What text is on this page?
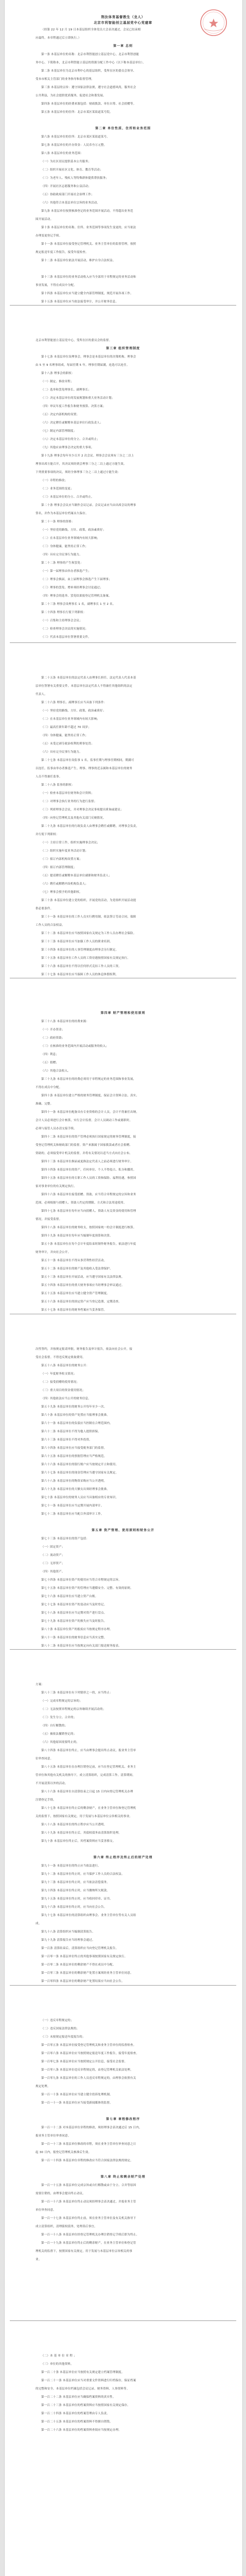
荆汝体育基督教生（龙人）
北京市利智能创立基层党中心党建章
（经第 22 年 12 月 19 日本基层组织全体党员大会表决通过，会议已结束相
应最终，本章程通过后立即执行。）
第一章 总则
第一条 本基层单位的名称：北京市利智能创立基层党中心，北京市利智创能
务中心，下简称本，北京市利智能立基层的资源分配工作中心（以下称本基层单位）。
第二条 本基层单位为北京市利中心的基层组织，受所在区的委员会领导、
受本市相关主管部门的业务指导和监督管理。
第三条 本基层的宗旨：遵守国家法律法规，遵守社会道德风尚，服务社会
公共利益，为社会提供优质服务，促进社会和谐发展。
第四条 本基层单位的经费来源包括：财政拨款、单位自筹、社会捐赠等。
第五条 本基层单位的住所：北京市某区某街道某号院。
第二章 单位性质、住所和业务范围
第六条 本基层单位的住所：北京市某区某街道某号。
第七条 本基层单位的开办资金：人民币叁万元整。
第八条 本基层单位的业务范围：
（一）为社区居民提供基本公共服务；
（二）组织开展社区文化、体育、教育等活动；
（三）为老年人、残疾人等特殊群体提供帮扶服务；
（四）开展社区志愿服务和公益活动；
（五）协助政府部门开展社会治理工作；
（六）其他符合本基层单位宗旨的业务活动。
第九条 本基层单位按照核准登记的业务范围开展活动，不得超出业务范
围开展活动。
第十条 本基层单位的名称、住所、业务范围等事项发生变更的，应当依法
办理变更登记手续。
第十一条 本基层单位接受登记管理机关、业务主管单位的监督管理，按照
规定报送年度工作报告，接受年度检查。
第十二条 本基层单位依法开展活动，维护自身合法权益。
第十三条 本基层单位的业务活动收入应当全部用于章程规定的业务活动和
事业发展，不得在成员中分配。
第十四条 本基层单位应当建立健全内部管理制度，规范开展各项工作。
第十五条 本基层单位应当依法接受审计，并公开财务信息。
北京市利智能创立基层党中心，受所在区的委员会的监督。
第三章 组织管理制度
第十七条 本基层单位设理事会，理事会是本基层单位的决策机构。理事会
由 5 至 9 名理事组成，每届任期 5 年。理事任期届满，连选可以连任。
第十八条 理事会的职权：
（一）制定、修改章程；
（二）选举和罢免理事长、副理事长；
（三）决定本基层单位的发展规划和重大业务活动计划；
（四）审议年度工作报告和财务预算、决算方案；
（五）决定内部机构的设置；
（六）决定聘任或解聘本基层单位行政负责人；
（七）制定内部管理制度；
（八）决定本基层单位的分立、合并或终止；
（九）其他应由理事会决定的重大事项。
第十九条 理事会每年至少召开 2 次会议。理事会会议须有三分之二以上
理事出席方能召开，其决议须经到会理事三分之二以上通过方能生效。
下列重要事项的决议，须经全体理事三分之二以上通过方能生效：
（一）章程的修改；
（二）业务范围的变更；
（三）本基层单位的分立、合并或终止。
第二十条 理事会会议应当制作会议记录。会议记录应当由出席会议的理事
签名，并作为本基层单位档案永久保存。
第二十一条 理事的资格：
（一）坚持党的路线、方针、政策，政治素质好；
（二）在本基层单位业务领域内有较大影响；
（三）身体健康，能坚持正常工作；
（四）具有完全民事行为能力。
第二十二条 理事的产生和罢免：
（一）第一届理事由举办者推选产生；
（二）理事会换届，由上届理事会推选产生下届理事；
（三）理事的罢免、增补须经理事会讨论通过；
（四）理事会的选举、罢免结果报登记管理机关备案。
第二十三条 理事会设理事长 1 名，副理事长 1 至 2 名。
第二十四条 理事长行使下列职权：
（一）召集和主持理事会会议；
（二）检查理事会决议的实施情况；
（三）代表本基层单位签署重要文件。
第二十五条 本基层单位的法定代表人由理事长担任。法定代表人代表本基
层单位签署有关重要文件。本基层单位法定代表人不得兼任其他组织的法定
代表人。
第二十六条 理事长、副理事长应当具备下列条件：
（一）坚持党的路线、方针、政策，政治素质好；
（二）在本基层单位业务领域内有较大影响；
（三）最高任职年龄不超过 70 周岁；
（四）身体健康，能坚持正常工作；
（五）未受过剥夺政治权利的刑事处罚；
（六）具有完全民事行为能力。
第二十七条 本基层单位设监事 1 名，监事任期与理事任期相同，期满可
以连任。监事由举办者推选产生。理事、理事的近亲属和本基层单位的财务
人员不得兼任监事。
第二十八条 监事的职权：
（一）检查本基层单位财务和会计资料；
（二）对理事会执行业务的行为进行监督；
（三）列席理事会会议，并对理事会决议事项提出质询或建议；
（四）向登记管理机关及其他有关部门反映情况。
第二十九条 本基层单位的行政负责人由理事会聘任或解聘，对理事会负责，
并行使下列职权：
（一）主持日常工作，组织实施理事会决议；
（二）组织实施年度业务活动计划；
（三）拟订内部机构设置方案；
（四）拟订内部管理制度；
（五）提请聘任或解聘本基层单位副职和财务负责人；
（六）聘任或解聘内设机构负责人；
（七）理事会授予的其他职权。
第三十条 本基层单位建立党的组织，开展党的活动，为党组织开展活动提
供必要条件。
第三十一条 本基层单位的工作人员实行聘用制，依法签订劳动合同，保障
工作人员的合法权益。
第三十二条 本基层单位应当按照国家有关规定为工作人员办理社会保险。
第三十三条 本基层单位应当加强工作人员的职业培训。
第三十四条 本基层单位的人事管理制度由理事会另行制定。
第三十五条 本基层单位工作人员的工资待遇按照国家有关规定执行。
第三十六条 本基层单位不得以任何形式克扣工作人员的工资。
第三十七条 本基层单位应当保障工作人员的休息休假权利。
第四章 财产管理和使用原则
第三十八条 本基层单位的经费来源：
（一）开办资金；
（二）政府资助；
（三）在核准的业务范围内开展活动或服务的收入；
（四）利息；
（五）捐赠；
（六）其他合法收入。
第三十九条 本基层单位的经费必须用于章程规定的业务范围和事业发展，
不得在成员中分配。
第四十条 本基层单位建立严格的财务管理制度，保证会计资料合法、真实、
准确、完整。
第四十一条 本基层单位配备具有专业资格的会计人员。会计不得兼任出纳。
会计人员必须进行会计核算，实行会计监督。会计人员调动工作或离职时，
必须与接管人员办清交接手续。
第四十二条 本基层单位的资产管理必须执行国家规定的财务管理制度，接
受登记管理机关和财政部门的监督。资产来源属于国家拨款或者社会捐赠、
资助的，必须接受审计机关的监督，并将有关情况以适当方式向社会公布。
第四十三条 本基层单位换届或更换法定代表人之前必须进行财务审计。
第四十四条 本基层单位的资产，任何单位、个人不得侵占、私分和挪用。
第四十五条 本基层单位的专职工作人员的工资和保险、福利待遇，参照国
家对事业单位的有关规定执行。
第四十六条 本基层单位接受捐赠、资助，应当符合章程规定的宗旨和业务
范围，必须根据与捐赠人、资助人约定的期限、方式和合法用途使用。
第四十七条 本基层单位每年应当向捐赠人、资助人有关资金的使用和管理
情况，并接受监督。
第四十八条 本基层单位的财务收支，按照国家统一的会计制度进行核算。
第四十九条 本基层单位每年应当编制年度预算和决算。
第五十条 本基层单位在每个会计年度结束时制作财务报告，依法进行年度
财务审计，并向社会公开。
第五十一条 本基层单位不得从事营利性经营活动。
第五十二条 本基层单位的财产及其他收入受法律保护。
第五十三条 本基层单位开展活动，应当遵守国家有关法律法规。
第五十四条 本基层单位的重大财务事项应当经理事会审议通过。
第五十五条 本基层单位应当建立健全资产管理制度。
第五十六条 本基层单位的固定资产应当登记造册，定期清查。
第五十七条 本基层单位的财务档案应当妥善保管。
次性签约，并按规定报请审批，财务报告及审计报告，依法向社会公开，接
受社会监督。不得违反规定收取费用。
第五十八条 本基层单位的财务公开：
（一）年度财务收支情况；
（二）接受捐赠的使用情况；
（三）重大项目的资金使用情况；
（四）其他依法应当公开的财务信息。
第五十九条 本基层单位的财务公开每年至少一次。
第六十条 本基层单位的资产处置应当报理事会批准。
第六十一条 本基层单位的负债应当控制在合理范围内。
第六十二条 本基层单位不得为他人提供担保。
第六十三条 本基层单位不得对外投资。
第六十四条 本基层单位应当接受税务部门的监督。
第六十五条 本基层单位的票据管理应当严格规范。
第六十六条 本基层单位的银行账户应当按规定开立和使用。
第六十七条 本基层单位的现金管理应当遵守国家有关规定。
第六十八条 本基层单位的物资采购应当公开透明。
第六十九条 本基层单位的大额支出须经理事会批准。
第七十条 本基层单位的财务人员应当具备相应的专业知识。
第七十一条 本基层单位应当定期开展内部审计。
第七十二条 本基层单位应当配合外部审计工作。
第五章 资产管理、使用原则和财务公开
第七十三条 本基层单位的资产包括：
（一）固定资产；
（二）流动资产；
（三）无形资产；
（四）其他资产。
第七十四条 本基层单位资产的使用应当符合章程规定的宗旨。
第七十五条 本基层单位资产的管理应当遵循安全、完整、有效的原则。
第七十六条 本基层单位应当建立资产台账。
第七十七条 本基层单位资产的变动应当及时登记。
第七十八条 本基层单位应当定期对资产进行盘点。
第七十九条 本基层单位资产的损失应当及时报告。
第八十条 本基层单位资产的报废应当按规定程序办理。
第八十一条 本基层单位的财务信息应当真实完整。
第八十二条 本基层单位应当按规定向有关部门报送财务报表。
方案：
第八十三条 本基层单位有下列情形之一的，应当终止：
（一）完成章程规定的宗旨的；
（二）无法按照章程规定的宗旨继续开展活动的；
（三）发生分立、合并的；
（四）自行解散的；
（五）被依法撤销登记的；
（六）其他原因需要终止的。
第八十四条 本基层单位终止，应当由理事会提出终止动议，报业务主管单
位审查同意。
第八十五条 本基层单位在办理注销登记前，应当在登记管理机关、业务主
管单位和其他有关机关的指导下，成立清算组织，完成清算工作。清算期间，
不开展清算以外的活动。
第八十六条 本基层单位自清算结束之日起 15 日内向登记管理机关办理
注销登记手续。
第八十七条 本基层单位终止后的剩余财产，在业务主管单位和登记管理机
关的监督下，按照国家有关规定，用于发展与本基层单位宗旨相关的事业。
第八十八条 本基层单位的终止程序应当公开透明。
第八十九条 本基层单位终止后，其债权债务由清算组织处理。
第九十条 本基层单位终止后，其档案资料应当妥善移交。
第六章 终止程序及终止后的财产处理
第九十一条 本基层单位的终止应当依法进行。
第九十二条 本基层单位终止时，应当保护工作人员的合法权益。
第九十三条 本基层单位终止时，应当依法清偿债务。
第九十四条 本基层单位终止时，应当缴纳所欠税款。
第九十五条 本基层单位终止时，应当收回印章、证书。
第九十六条 本基层单位终止时，应当向社会公告。
第九十七条 本基层单位的清算组织由理事会、业务主管单位等有关人员组
成。
第九十八条 清算组织应当编制清算报告。
第九十九条 清算报告应当经理事会通过。
第一百条 清算结束后，清算组织应当向登记管理机关报告。
第一百零一条 本基层单位终止的其他事项按照国家有关规定执行。
第一百零二条 本基层单位的剩余财产不得在成员中分配。
第一百零三条 本基层单位的剩余财产处置方案须经业务主管单位同意。
第一百零四条 本基层单位的剩余财产处置结果应当向社会公告。
（一）违反章程规定的；
（二）违反国家法律法规的；
（三）未按规定报送年度报告的；
第一百零五条 本基层单位接受登记管理机关和业务主管单位的监督检查。
第一百零六条 本基层单位应当按照规定报送年度工作报告，接受年度检查。
第一百零七条 本基层单位应当按照规定公开信息，接受社会监督。
第一百零八条 本基层单位违反章程规定的，由登记管理机关依法处理。
第一百零九条 本基层单位的工作人员违反章程规定的，由理事会依照有关
规定处理。
第一百一十条 本基层单位应当建立健全投诉处理机制。
第一百一十一条 本基层单位应当接受新闻媒体的监督。
第七章 章程修改程序
第一百一十二条 对本基层单位章程的修改，须经理事会表决通过后 15 日内，
报业务主管单位审查同意。
第一百一十三条 本基层单位修改的章程，须在业务主管单位审查同意之日
起 30 日内，报登记管理机关核准后生效。
第一百一十四条 本基层单位章程的修改应当符合国家法律法规的规定。
第八章 终止和剩余财产处理
第一百一十五条 本基层单位完成宗旨或自行解散或由于分立、合并等原因
需要注销的，由理事会提出终止动议。
第一百一十六条 本基层单位终止动议须经理事会表决通过，并报业务主管
单位审查同意。
第一百一十七条 本基层单位终止前，须在业务主管单位及有关机关指导下
成立清算组织，清理债权债务，处理善后事宜。
第一百一十八条 本基层单位经登记管理机关办理注销登记手续后即为终止。
第一百一十九条 本基层单位终止后的剩余财产，在业务主管单位和登记管
理机关的监督下，按照国家有关规定，用于发展与本基层单位宗旨相关的事
业。
（二）本 基 单 位 章 程 ；
（三）单位的其他资料。
第一百二十条 本基层单位应当按照有关规定建立档案管理制度。
第一百二十一条 本基层单位应当对重要文件资料进行归档保存，保证档案
的完整和安全。本基层单位档案包括会议记录、财务资料、人事资料等。
第一百二十二条 本基层单位应当确保档案资料的真实性。
第一百二十三条 本基层单位的档案资料应当按照国家有关规定保存。
第一百二十四条 本基层单位的档案管理由专人负责。
第一百二十五条 本基层单位的档案资料不得擅自销毁。
第一百二十六条 本基层单位的档案资料查阅应当按规定办理。
